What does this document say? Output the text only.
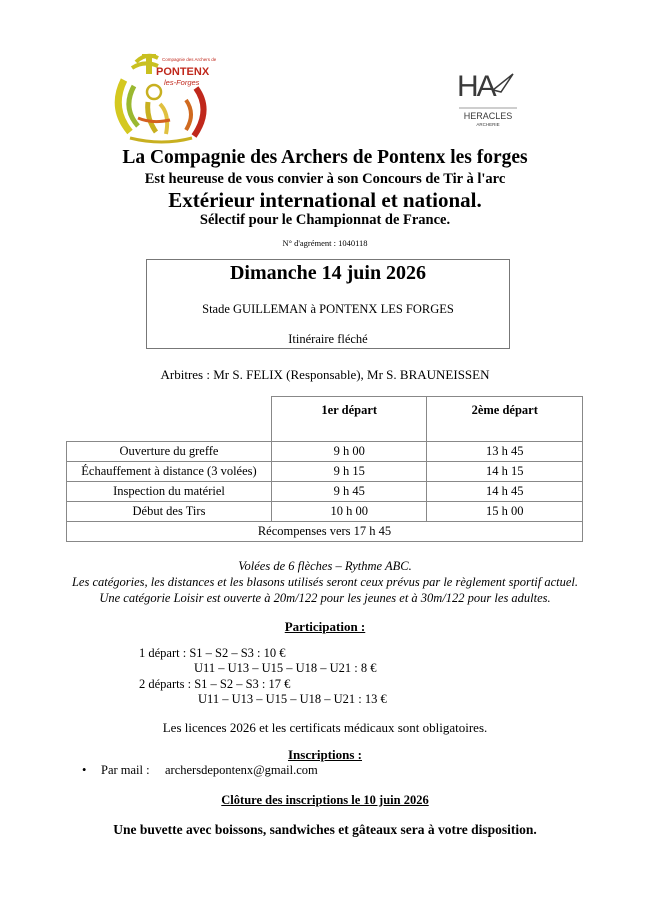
Compagnie des Archers de
PONTENX
les-Forges	HA
HERACLES
ARCHERIE
La Compagnie des Archers de Pontenx les forges
Est heureuse de vous convier à son Concours de Tir à l'arc
Extérieur international et national.
Sélectif pour le Championnat de France.
N° d'agrément : 1040118
Dimanche 14 juin 2026
Stade GUILLEMAN à PONTENX LES FORGES
Itinéraire fléché
Arbitres : Mr S. FELIX (Responsable), Mr S. BRAUNEISSEN
	1er départ	2ème départ
Ouverture du greffe	9 h 00	13 h 45
Échauffement à distance (3 volées)	9 h 15	14 h 15
Inspection du matériel	9 h 45	14 h 45
Début des Tirs	10 h 00	15 h 00
Récompenses vers 17 h 45		
Volées de 6 flèches – Rythme ABC.
Les catégories, les distances et les blasons utilisés seront ceux prévus par le règlement sportif actuel.
Une catégorie Loisir est ouverte à 20m/122 pour les jeunes et à 30m/122 pour les adultes.
Participation :
1 départ : S1 – S2 – S3 : 10 €
U11 – U13 – U15 – U18 – U21 : 8 €
2 départs : S1 – S2 – S3 : 17 €
U11 – U13 – U15 – U18 – U21 : 13 €
Les licences 2026 et les certificats médicaux sont obligatoires.
Inscriptions :
• Par mail : archersdepontenx@gmail.com
Clôture des inscriptions le 10 juin 2026
Une buvette avec boissons, sandwiches et gâteaux sera à votre disposition.
